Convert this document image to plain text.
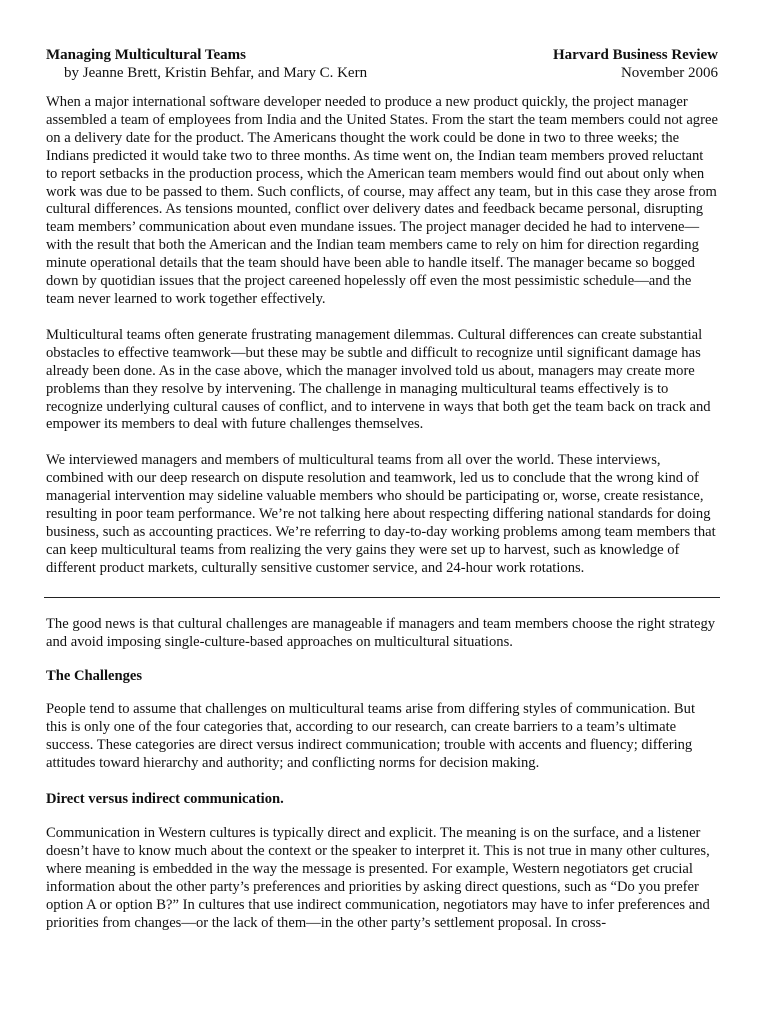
Managing Multicultural Teams	Harvard Business Review
by Jeanne Brett, Kristin Behfar, and Mary C. Kern	November 2006

When a major international software developer needed to produce a new product quickly, the project manager assembled a team of employees from India and the United States. From the start the team members could not agree on a delivery date for the product. The Americans thought the work could be done in two to three weeks; the Indians predicted it would take two to three months. As time went on, the Indian team members proved reluctant to report setbacks in the production process, which the American team members would find out about only when work was due to be passed to them. Such conflicts, of course, may affect any team, but in this case they arose from cultural differences. As tensions mounted, conflict over delivery dates and feedback became personal, disrupting team members’ communication about even mundane issues. The project manager decided he had to intervene—with the result that both the American and the Indian team members came to rely on him for direction regarding minute operational details that the team should have been able to handle itself. The manager became so bogged down by quotidian issues that the project careened hopelessly off even the most pessimistic schedule—and the team never learned to work together effectively.

Multicultural teams often generate frustrating management dilemmas. Cultural differences can create substantial obstacles to effective teamwork—but these may be subtle and difficult to recognize until significant damage has already been done. As in the case above, which the manager involved told us about, managers may create more problems than they resolve by intervening. The challenge in managing multicultural teams effectively is to recognize underlying cultural causes of conflict, and to intervene in ways that both get the team back on track and empower its members to deal with future challenges themselves.

We interviewed managers and members of multicultural teams from all over the world. These interviews, combined with our deep research on dispute resolution and teamwork, led us to conclude that the wrong kind of managerial intervention may sideline valuable members who should be participating or, worse, create resistance, resulting in poor team performance. We’re not talking here about respecting differing national standards for doing business, such as accounting practices. We’re referring to day-to-day working problems among team members that can keep multicultural teams from realizing the very gains they were set up to harvest, such as knowledge of different product markets, culturally sensitive customer service, and 24-hour work rotations.

The good news is that cultural challenges are manageable if managers and team members choose the right strategy and avoid imposing single-culture-based approaches on multicultural situations.

The Challenges

People tend to assume that challenges on multicultural teams arise from differing styles of communication. But this is only one of the four categories that, according to our research, can create barriers to a team’s ultimate success. These categories are direct versus indirect communication; trouble with accents and fluency; differing attitudes toward hierarchy and authority; and conflicting norms for decision making.

Direct versus indirect communication.

Communication in Western cultures is typically direct and explicit. The meaning is on the surface, and a listener doesn’t have to know much about the context or the speaker to interpret it. This is not true in many other cultures, where meaning is embedded in the way the message is presented. For example, Western negotiators get crucial information about the other party’s preferences and priorities by asking direct questions, such as “Do you prefer option A or option B?” In cultures that use indirect communication, negotiators may have to infer preferences and priorities from changes—or the lack of them—in the other party’s settlement proposal. In cross-
